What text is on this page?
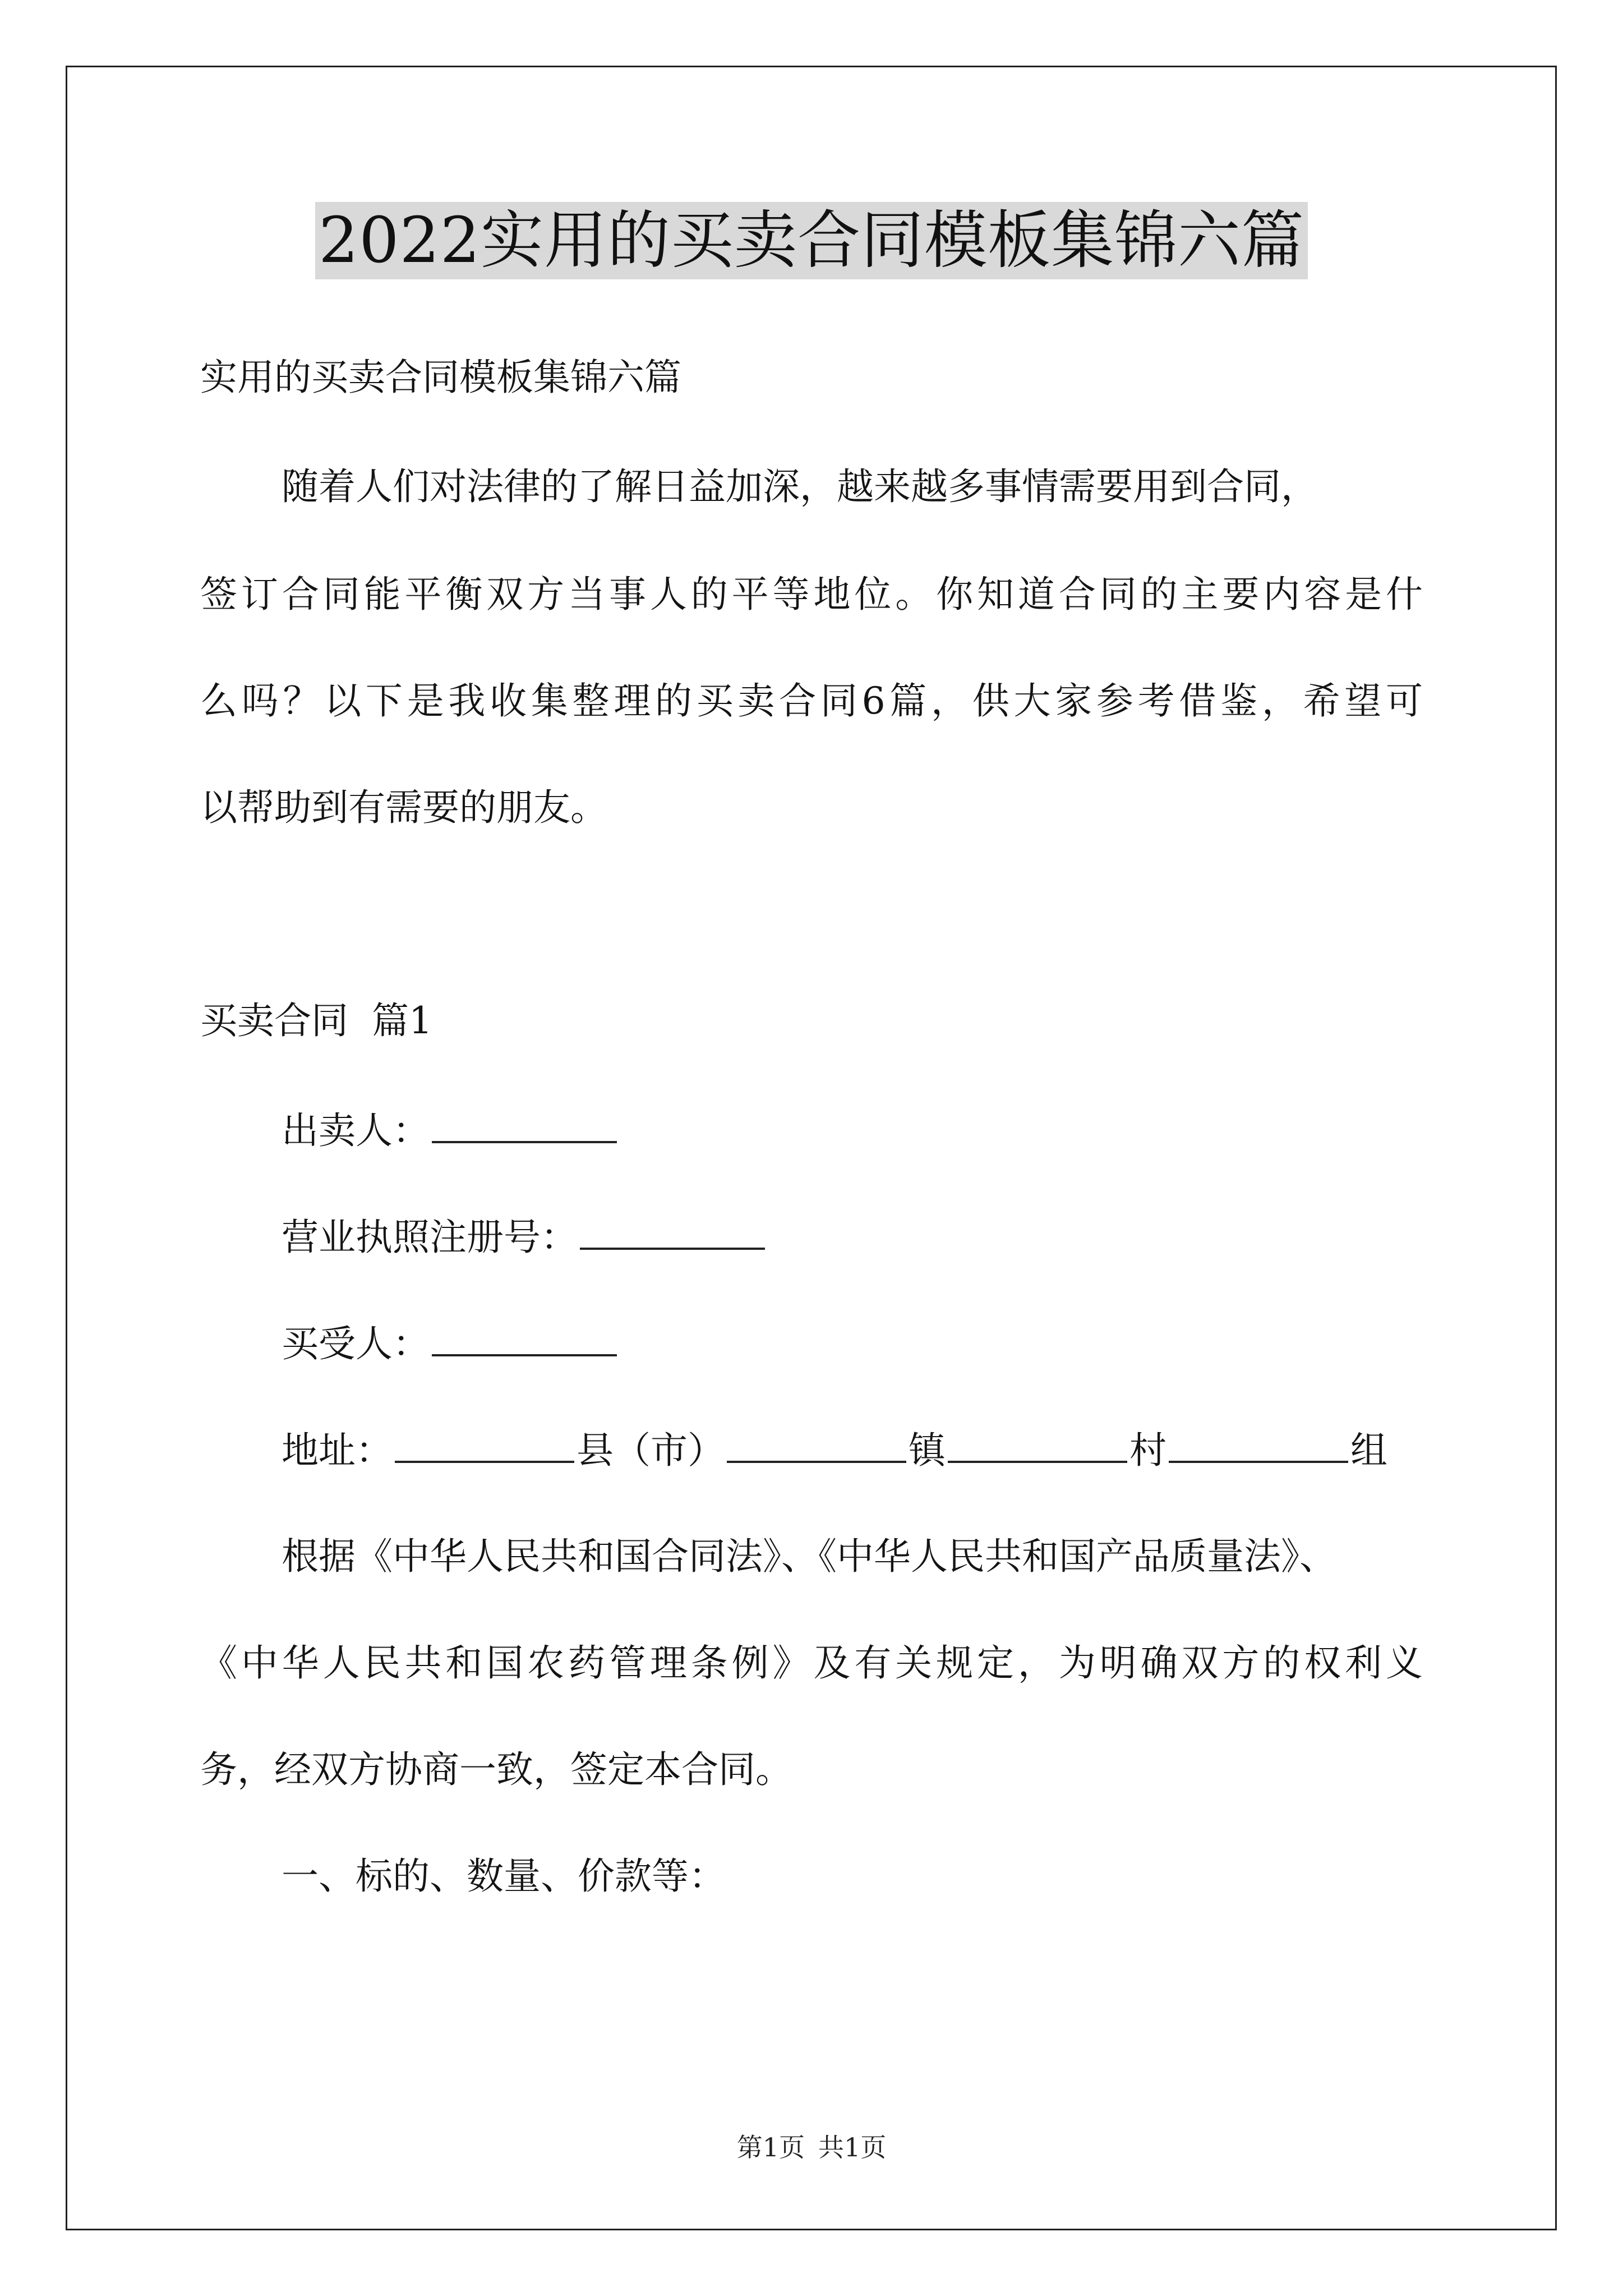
2022实用的买卖合同模板集锦六篇
实用的买卖合同模板集锦六篇
随着人们对法律的了解日益加深，越来越多事情需要用到合同，
签订合同能平衡双方当事人的平等地位。你知道合同的主要内容是什
么吗？以下是我收集整理的买卖合同6篇，供大家参考借鉴，希望可
以帮助到有需要的朋友。
买卖合同  篇1
出卖人：
营业执照注册号：
买受人：
地址：	县（市）	镇	村	组
根据《中华人民共和国合同法》、《中华人民共和国产品质量法》、
《中华人民共和国农药管理条例》及有关规定，为明确双方的权利义
务，经双方协商一致，签定本合同。
一、标的、数量、价款等：
第1页 共1页
